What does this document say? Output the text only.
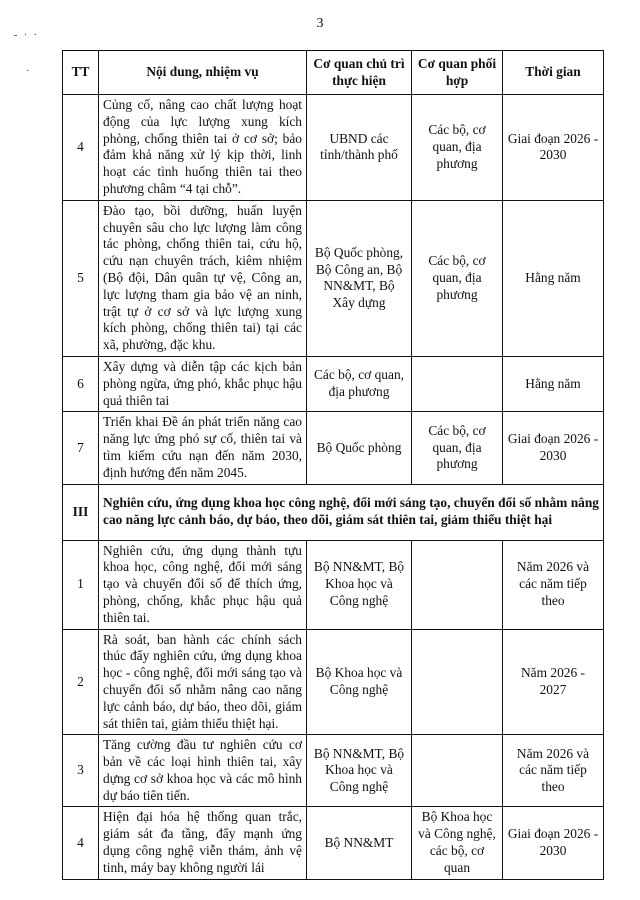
3
- · ·
·	TT	Nội dung, nhiệm vụ	Cơ quan chủ trì thực hiện	Cơ quan phối hợp	Thời gian
4	Củng cố, nâng cao chất lượng hoạt động của lực lượng xung kích phòng, chống thiên tai ở cơ sở; bảo đảm khả năng xử lý kịp thời, linh hoạt các tình huống thiên tai theo phương châm “4 tại chỗ”.	UBND các tỉnh/thành phố	Các bộ, cơ quan, địa phương	Giai đoạn 2026 - 2030
5	Đào tạo, bồi dưỡng, huấn luyện chuyên sâu cho lực lượng làm công tác phòng, chống thiên tai, cứu hộ, cứu nạn chuyên trách, kiêm nhiệm (Bộ đội, Dân quân tự vệ, Công an, lực lượng tham gia bảo vệ an ninh, trật tự ở cơ sở và lực lượng xung kích phòng, chống thiên tai) tại các xã, phường, đặc khu.	Bộ Quốc phòng, Bộ Công an, Bộ NN&MT, Bộ Xây dựng	Các bộ, cơ quan, địa phương	Hằng năm
6	Xây dựng và diễn tập các kịch bản phòng ngừa, ứng phó, khắc phục hậu quả thiên tai	Các bộ, cơ quan, địa phương		Hằng năm
7	Triển khai Đề án phát triển năng cao năng lực ứng phó sự cố, thiên tai và tìm kiếm cứu nạn đến năm 2030, định hướng đến năm 2045.	Bộ Quốc phòng	Các bộ, cơ quan, địa phương	Giai đoạn 2026 - 2030
III	Nghiên cứu, ứng dụng khoa học công nghệ, đổi mới sáng tạo, chuyển đổi số nhằm nâng cao năng lực cảnh báo, dự báo, theo dõi, giám sát thiên tai, giảm thiểu thiệt hại			
1	Nghiên cứu, ứng dụng thành tựu khoa học, công nghệ, đổi mới sáng tạo và chuyển đổi số để thích ứng, phòng, chống, khắc phục hậu quả thiên tai.	Bộ NN&MT, Bộ Khoa học và Công nghệ		Năm 2026 và các năm tiếp theo
2	Rà soát, ban hành các chính sách thúc đẩy nghiên cứu, ứng dụng khoa học - công nghệ, đổi mới sáng tạo và chuyển đổi số nhằm nâng cao năng lực cảnh báo, dự báo, theo dõi, giám sát thiên tai, giảm thiểu thiệt hại.	Bộ Khoa học và Công nghệ		Năm 2026 - 2027
3	Tăng cường đầu tư nghiên cứu cơ bản về các loại hình thiên tai, xây dựng cơ sở khoa học và các mô hình dự báo tiên tiến.	Bộ NN&MT, Bộ Khoa học và Công nghệ		Năm 2026 và các năm tiếp theo
4	Hiện đại hóa hệ thống quan trắc, giám sát đa tầng, đẩy mạnh ứng dụng công nghệ viễn thám, ảnh vệ tinh, máy bay không người lái	Bộ NN&MT	Bộ Khoa học và Công nghệ, các bộ, cơ quan	Giai đoạn 2026 - 2030
